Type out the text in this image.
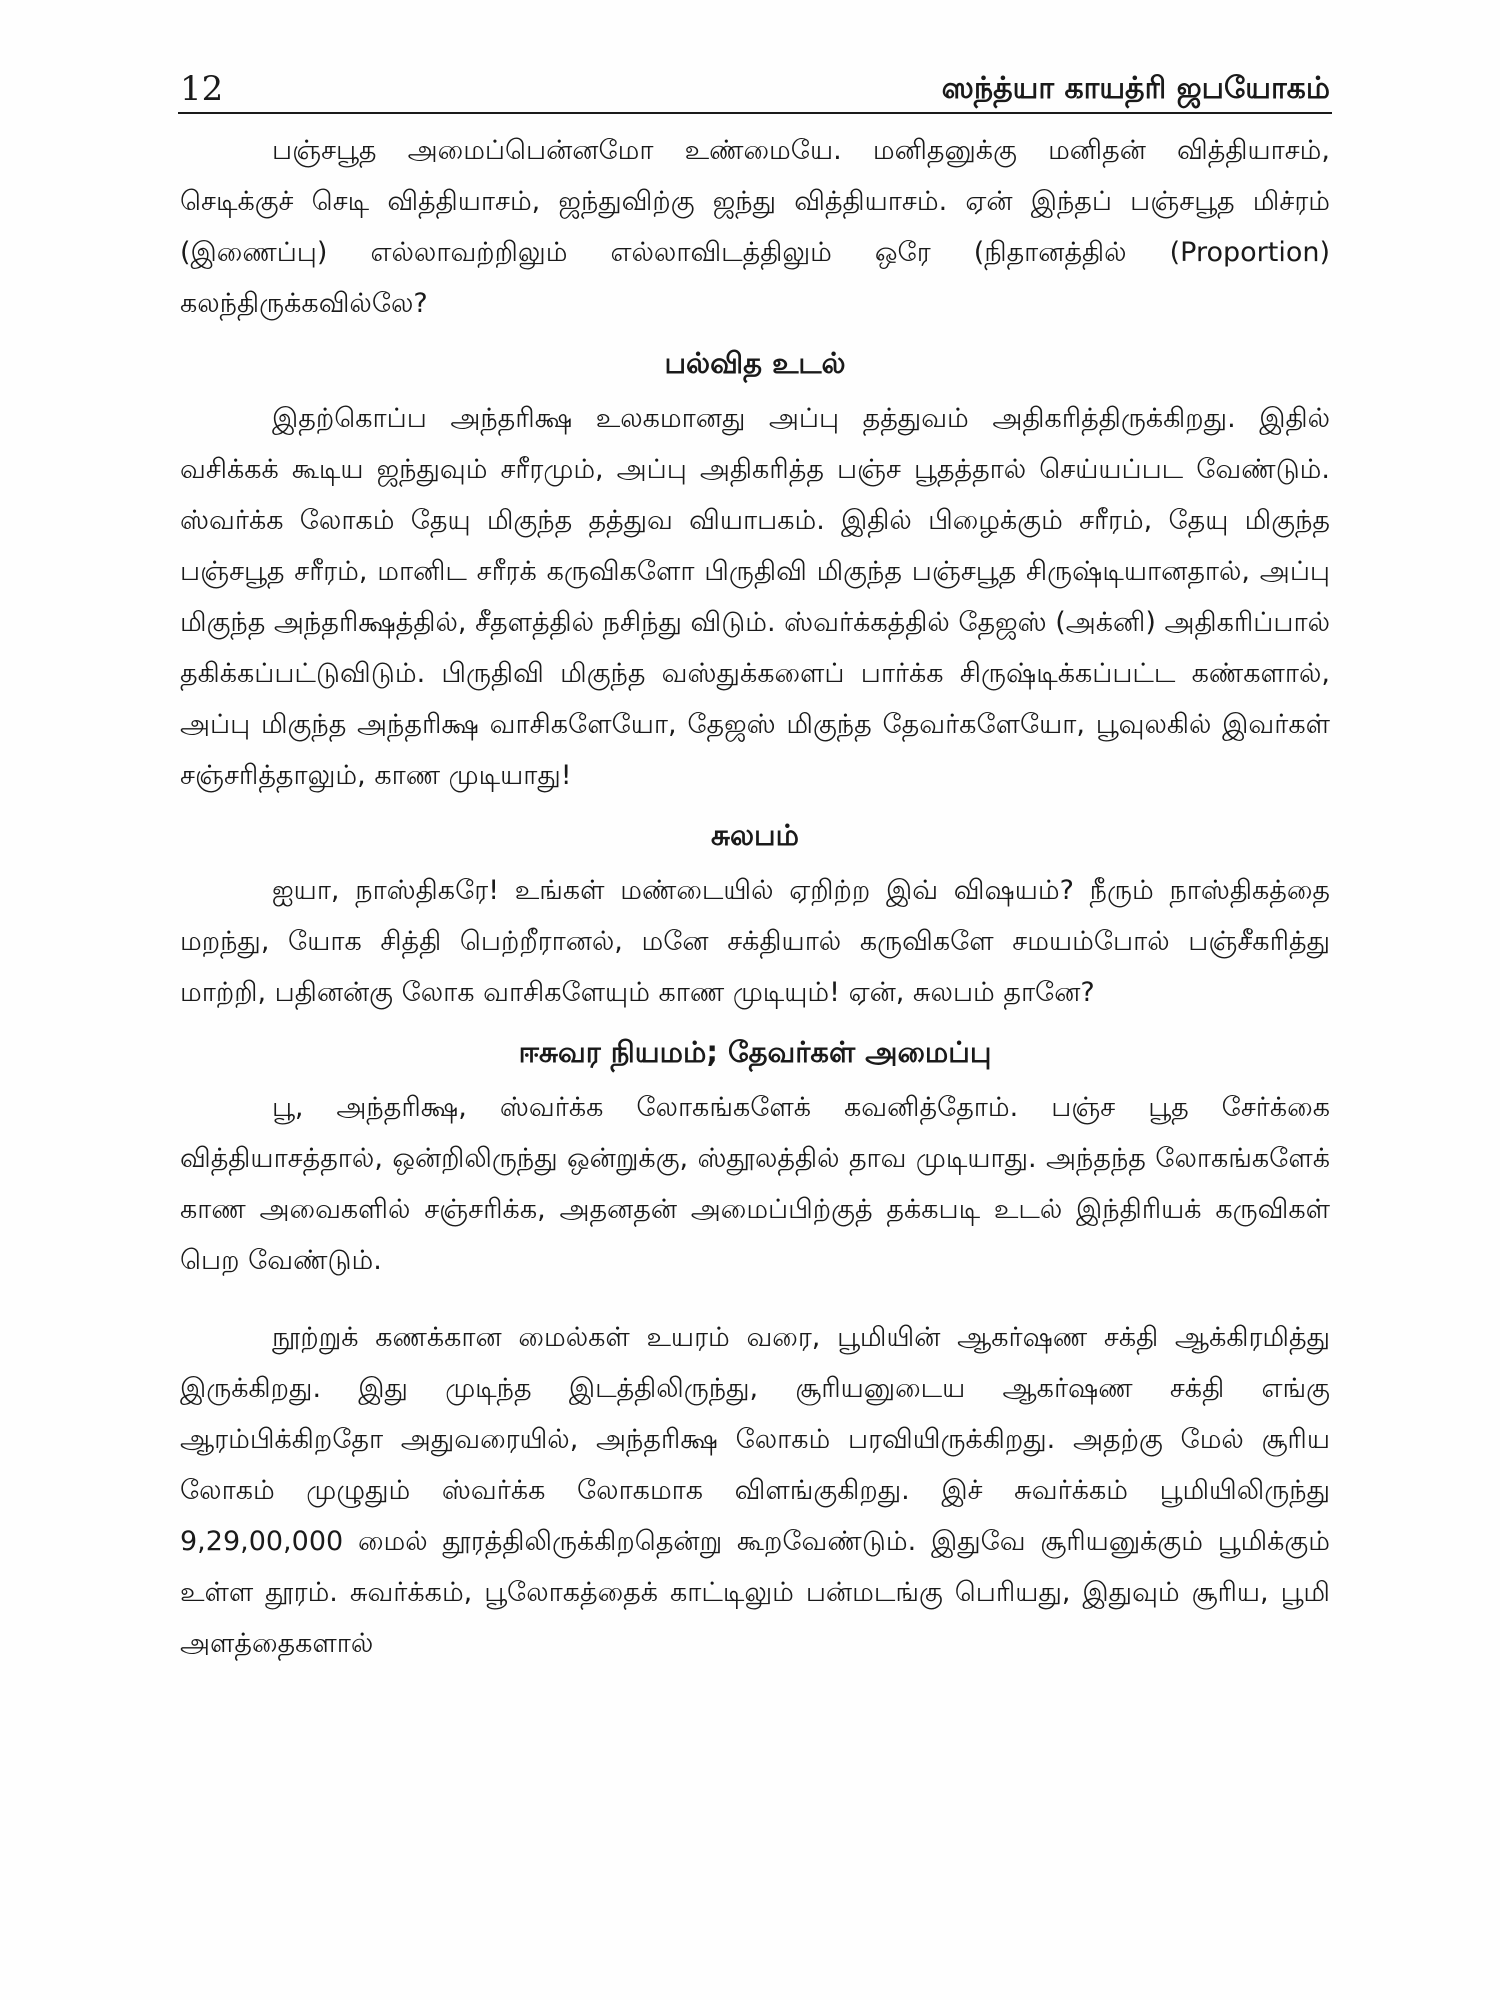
12	ஸந்த்யா காயத்ரி ஜபயோகம்

பஞ்சபூத அமைப்பென்னமோ உண்மையே. மனிதனுக்கு மனிதன் வித்தியாசம், செடிக்குச் செடி வித்தியாசம், ஜந்துவிற்கு ஜந்து வித்தியாசம். ஏன் இந்தப் பஞ்சபூத மிச்ரம் (இணைப்பு) எல்லாவற்றிலும் எல்லாவிடத்திலும் ஒரே (நிதானத்தில் (Proportion) கலந்திருக்கவில்லே?

பல்வித உடல்

இதற்கொப்ப அந்தரிக்ஷ உலகமானது அப்பு தத்துவம் அதிகரித்திருக்கிறது. இதில் வசிக்கக் கூடிய ஜந்துவும் சரீரமும், அப்பு அதிகரித்த பஞ்ச பூதத்தால் செய்யப்பட வேண்டும். ஸ்வர்க்க லோகம் தேயு மிகுந்த தத்துவ வியாபகம். இதில் பிழைக்கும் சரீரம், தேயு மிகுந்த பஞ்சபூத சரீரம், மானிட சரீரக் கருவிகளோ பிருதிவி மிகுந்த பஞ்சபூத சிருஷ்டியானதால், அப்பு மிகுந்த அந்தரிக்ஷத்தில், சீதளத்தில் நசிந்து விடும். ஸ்வர்க்கத்தில் தேஜஸ் (அக்னி) அதிகரிப்பால் தகிக்கப்பட்டுவிடும். பிருதிவி மிகுந்த வஸ்துக்களைப் பார்க்க சிருஷ்டிக்கப்பட்ட கண்களால், அப்பு மிகுந்த அந்தரிக்ஷ வாசிகளேயோ, தேஜஸ் மிகுந்த தேவர்களேயோ, பூவுலகில் இவர்கள் சஞ்சரித்தாலும், காண முடியாது!

சுலபம்

ஐயா, நாஸ்திகரே! உங்கள் மண்டையில் ஏறிற்ற இவ் விஷயம்? நீரும் நாஸ்திகத்தை மறந்து, யோக சித்தி பெற்றீரானல், மனே சக்தியால் கருவிகளே சமயம்போல் பஞ்சீகரித்து மாற்றி, பதினன்கு லோக வாசிகளேயும் காண முடியும்! ஏன், சுலபம் தானே?

ஈசுவர நியமம்; தேவர்கள் அமைப்பு

பூ, அந்தரிக்ஷ, ஸ்வர்க்க லோகங்களேக் கவனித்தோம். பஞ்ச பூத சேர்க்கை வித்தியாசத்தால், ஒன்றிலிருந்து ஒன்றுக்கு, ஸ்தூலத்தில் தாவ முடியாது. அந்தந்த லோகங்களேக் காண அவைகளில் சஞ்சரிக்க, அதனதன் அமைப்பிற்குத் தக்கபடி உடல் இந்திரியக் கருவிகள் பெற வேண்டும்.

நூற்றுக் கணக்கான மைல்கள் உயரம் வரை, பூமியின் ஆகர்ஷண சக்தி ஆக்கிரமித்து இருக்கிறது. இது முடிந்த இடத்திலிருந்து, சூரியனுடைய ஆகர்ஷண சக்தி எங்கு ஆரம்பிக்கிறதோ அதுவரையில், அந்தரிக்ஷ லோகம் பரவியிருக்கிறது. அதற்கு மேல் சூரிய லோகம் முழுதும் ஸ்வர்க்க லோகமாக விளங்குகிறது. இச் சுவர்க்கம் பூமியிலிருந்து 9,29,00,000 மைல் தூரத்திலிருக்கிறதென்று கூறவேண்டும். இதுவே சூரியனுக்கும் பூமிக்கும் உள்ள தூரம். சுவர்க்கம், பூலோகத்தைக் காட்டிலும் பன்மடங்கு பெரியது, இதுவும் சூரிய, பூமி அளத்தைகளால்
